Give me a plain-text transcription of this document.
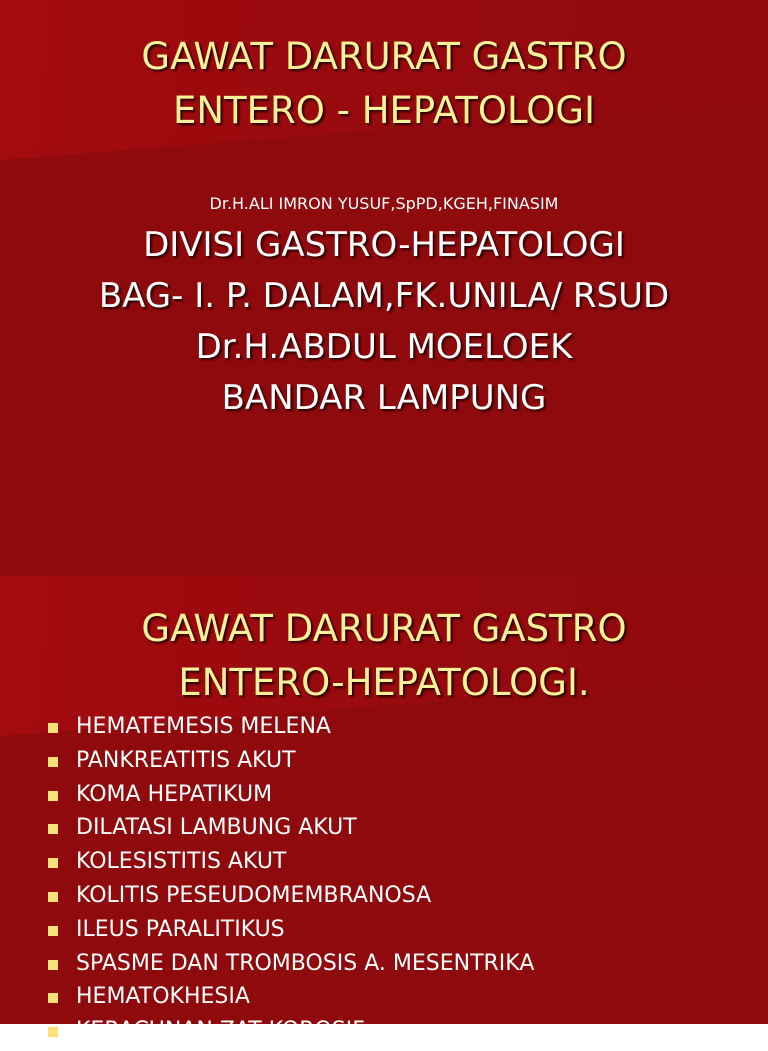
GAWAT DARURAT GASTRO
ENTERO - HEPATOLOGI
Dr.H.ALI IMRON YUSUF,SpPD,KGEH,FINASIM
DIVISI GASTRO-HEPATOLOGI
BAG- I. P. DALAM,FK.UNILA/ RSUD
Dr.H.ABDUL MOELOEK
BANDAR LAMPUNG
GAWAT DARURAT GASTRO
ENTERO-HEPATOLOGI.
HEMATEMESIS MELENA
PANKREATITIS AKUT
KOMA HEPATIKUM
DILATASI LAMBUNG AKUT
KOLESISTITIS AKUT
KOLITIS PESEUDOMEMBRANOSA
ILEUS PARALITIKUS
SPASME DAN TROMBOSIS A. MESENTRIKA
HEMATOKHESIA
KERACUNAN ZAT KOROSIF
